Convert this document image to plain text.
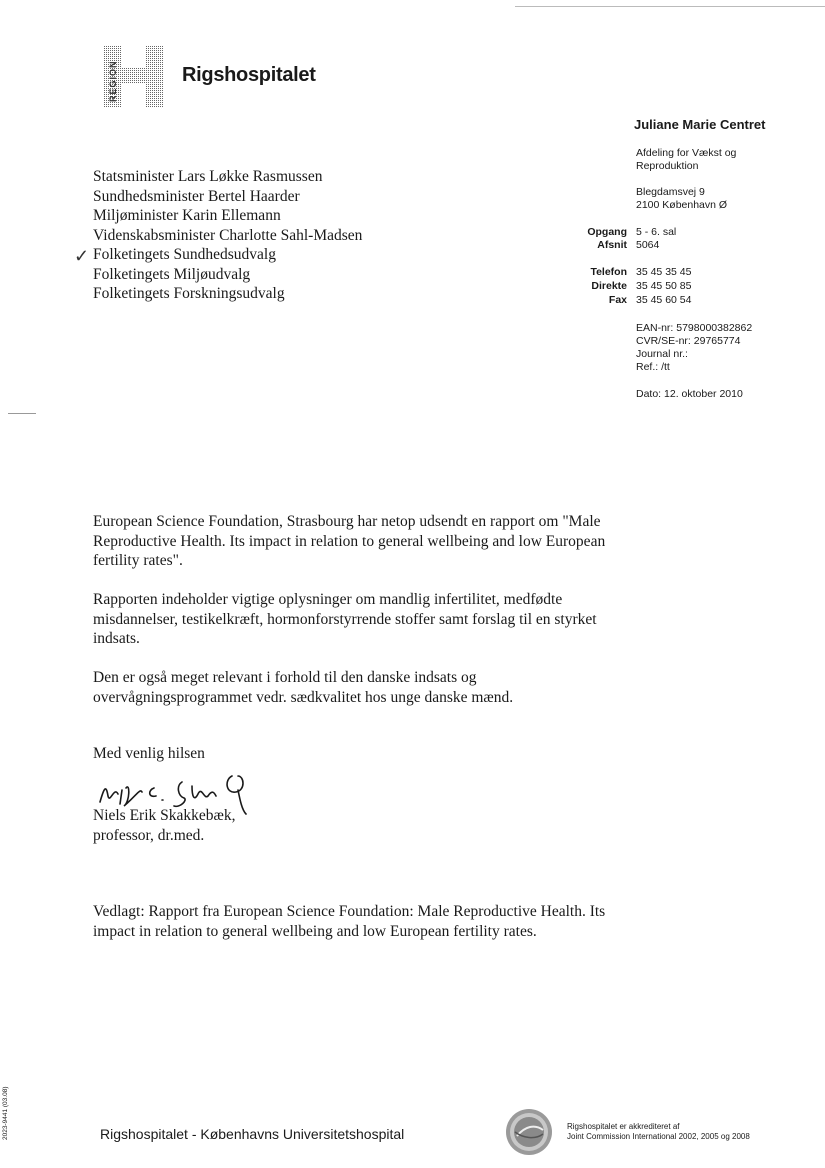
REGION	Rigshospitalet
Statsminister Lars Løkke Rasmussen
Sundhedsminister Bertel Haarder
Miljøminister Karin Ellemann
Videnskabsminister Charlotte Sahl-Madsen
Folketingets Sundhedsudvalg
Folketingets Miljøudvalg
Folketingets Forskningsudvalg
✓
Juliane Marie Centret
Afdeling for Vækst og
Reproduktion
Blegdamsvej 9
2100 København Ø
Opgang 5 - 6. sal
Afsnit 5064
Telefon 35 45 35 45
Direkte 35 45 50 85
Fax 35 45 60 54
EAN-nr: 5798000382862
CVR/SE-nr: 29765774
Journal nr.:
Ref.: /tt
Dato: 12. oktober 2010
European Science Foundation, Strasbourg har netop udsendt en rapport om "Male Reproductive Health. Its impact in relation to general wellbeing and low European fertility rates".
Rapporten indeholder vigtige oplysninger om mandlig infertilitet, medfødte misdannelser, testikelkræft, hormonforstyrrende stoffer samt forslag til en styrket indsats.
Den er også meget relevant i forhold til den danske indsats og overvågningsprogrammet vedr. sædkvalitet hos unge danske mænd.
Med venlig hilsen
Niels Erik Skakkebæk,
professor, dr.med.
Vedlagt: Rapport fra European Science Foundation: Male Reproductive Health. Its impact in relation to general wellbeing and low European fertility rates.
2023-9441 (03.08)	Rigshospitalet - Københavns Universitetshospital	Rigshospitalet er akkrediteret af
Joint Commission International 2002, 2005 og 2008
